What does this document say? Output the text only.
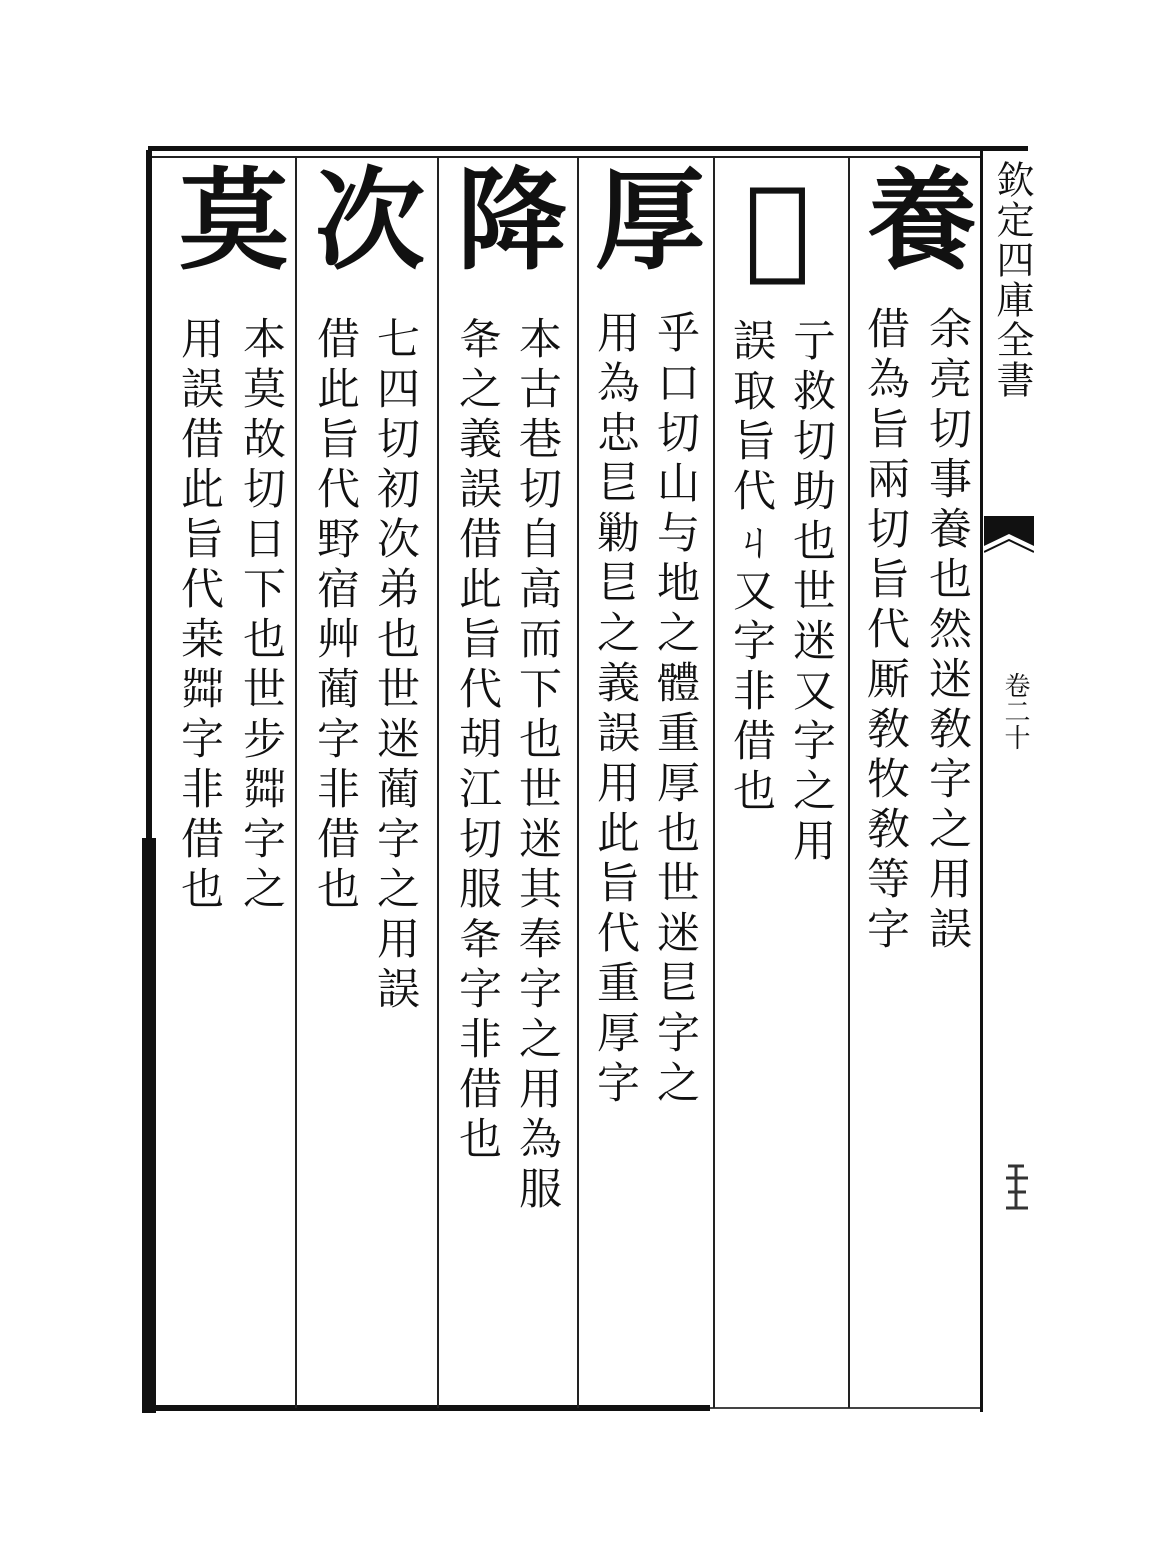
欽定四庫全書
卷二十
養
余亮切事養也然迷敎字之用誤
借為旨兩切旨代厮敎牧敎等字
𠮦
亍救切助也世迷又字之用
誤取旨代ㄐ又字非借也
厚
乎口切山与地之體重厚也世迷㫐字之
用為忠㫐勦㫐之義誤用此旨代重厚字
降
本古巷切自高而下也世迷其奉字之用為服
夅之義誤借此旨代胡江切服夅字非借也
次
七四切初次弟也世迷蔺字之用誤
借此旨代野宿艸蔺字非借也
莫
本莫故切日下也世步茻字之
用誤借此旨代桒茻字非借也
